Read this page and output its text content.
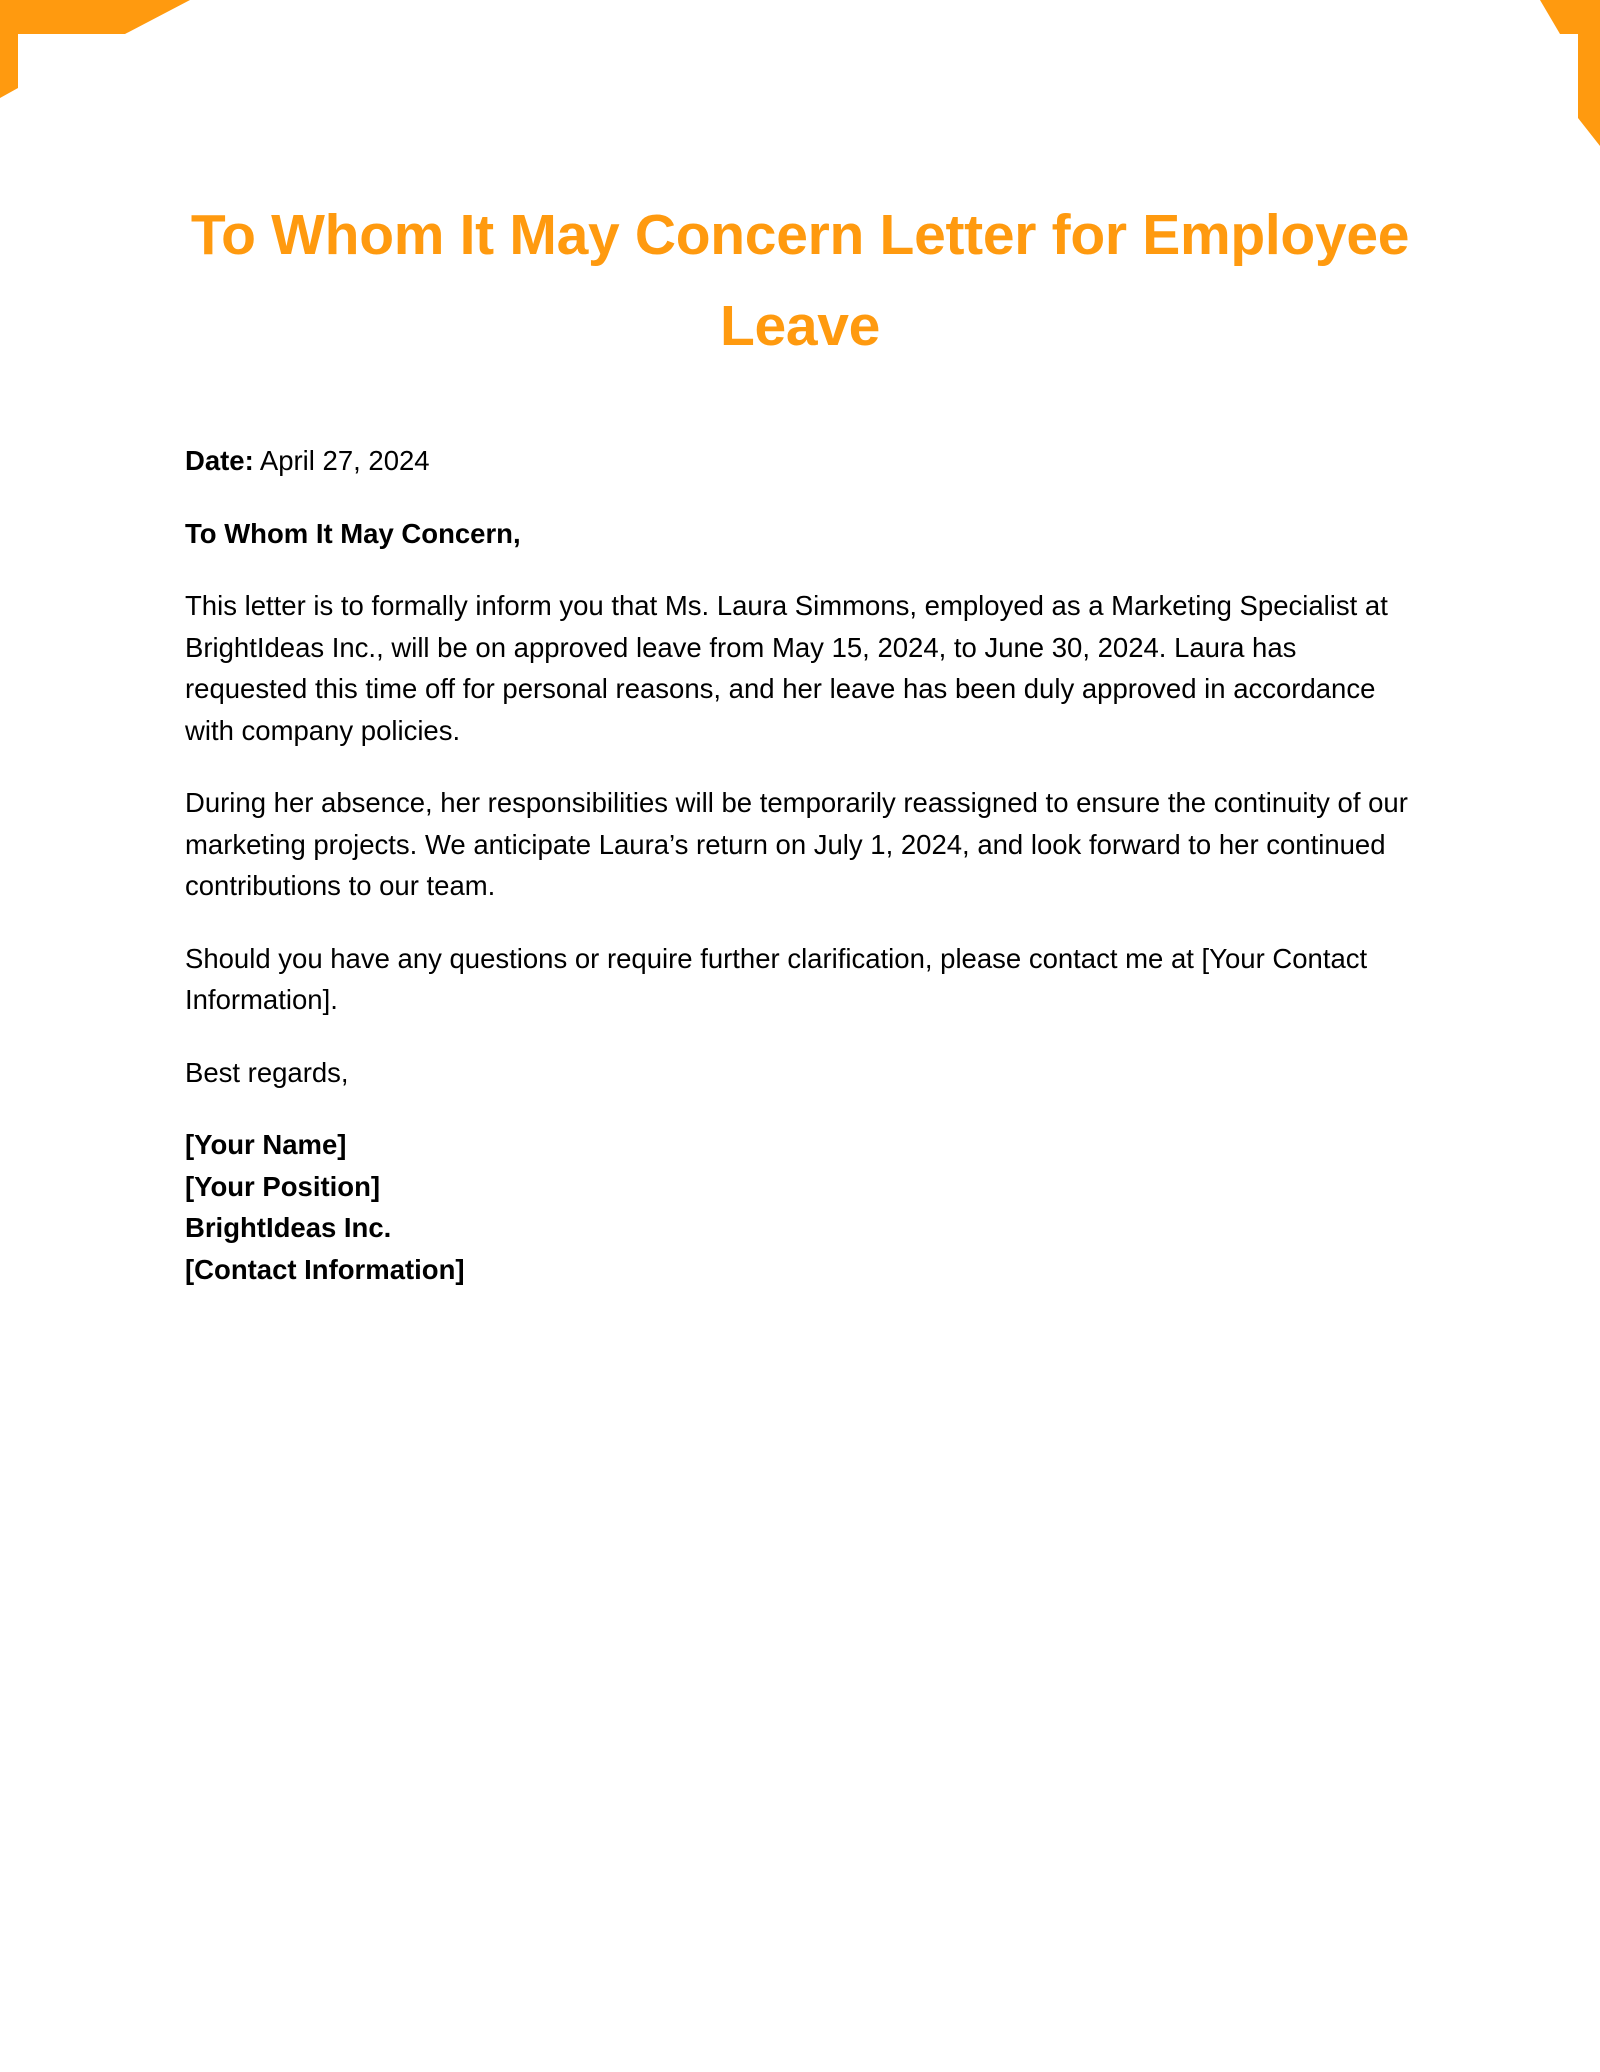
To Whom It May Concern Letter for Employee Leave

Date: April 27, 2024

To Whom It May Concern,

This letter is to formally inform you that Ms. Laura Simmons, employed as a Marketing Specialist at BrightIdeas Inc., will be on approved leave from May 15, 2024, to June 30, 2024. Laura has requested this time off for personal reasons, and her leave has been duly approved in accordance with company policies.

During her absence, her responsibilities will be temporarily reassigned to ensure the continuity of our marketing projects. We anticipate Laura’s return on July 1, 2024, and look forward to her continued contributions to our team.

Should you have any questions or require further clarification, please contact me at [Your Contact Information].

Best regards,

[Your Name]
[Your Position]
BrightIdeas Inc.
[Contact Information]
